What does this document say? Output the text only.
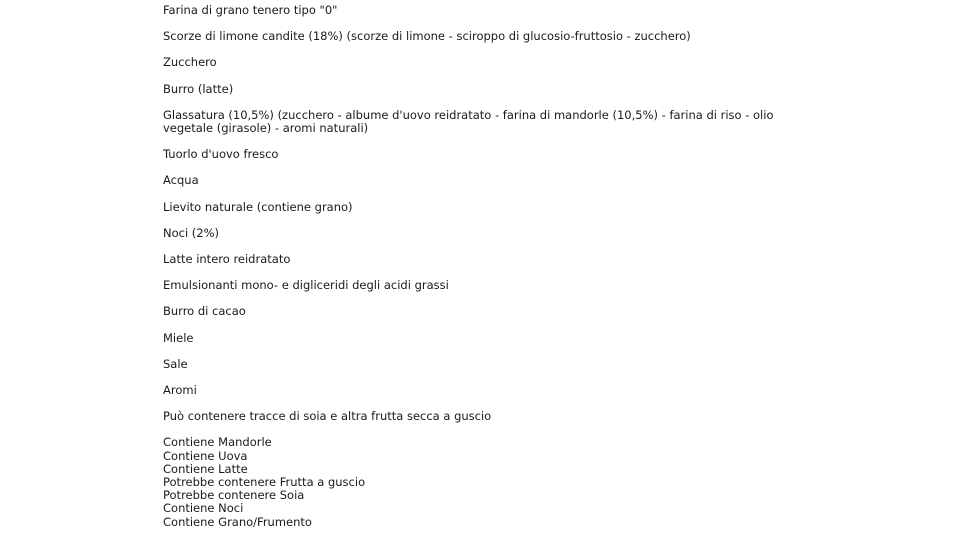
Farina di grano tenero tipo "0"
Scorze di limone candite (18%) (scorze di limone - sciroppo di glucosio-fruttosio - zucchero)
Zucchero
Burro (latte)
Glassatura (10,5%) (zucchero - albume d'uovo reidratato - farina di mandorle (10,5%) - farina di riso - olio vegetale (girasole) - aromi naturali)
Tuorlo d'uovo fresco
Acqua
Lievito naturale (contiene grano)
Noci (2%)
Latte intero reidratato
Emulsionanti mono- e digliceridi degli acidi grassi
Burro di cacao
Miele
Sale
Aromi
Può contenere tracce di soia e altra frutta secca a guscio
Contiene Mandorle
Contiene Uova
Contiene Latte
Potrebbe contenere Frutta a guscio
Potrebbe contenere Soia
Contiene Noci
Contiene Grano/Frumento
